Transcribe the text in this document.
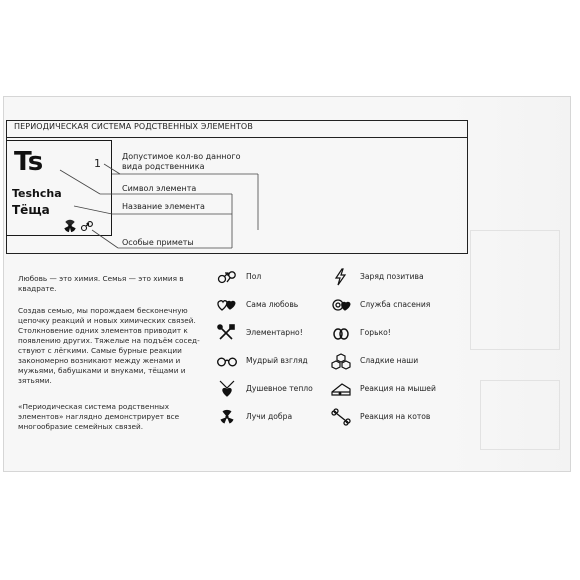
ПЕРИОДИЧЕСКАЯ СИСТЕМА РОДСТВЕННЫХ ЭЛЕМЕНТОВ
Ts	1
Teshcha
Тёща
Допустимое кол-во данного вида родственника
Символ элемента
Название элемента
Особые приметы
Любовь — это химия. Семья — это химия в квадрате.
Создав семью, мы порождаем бесконечную цепочку реакций и новых химических связей. Столкновение одних элементов приводит к появлению других. Тяжелые на подъём соседствуют с лёгкими. Самые бурные реакции закономерно возникают между женами и мужьями, бабушками и внуками, тёщами и зятьями.
«Периодическая система родственных элементов» наглядно демонстрирует все многообразие семейных связей.
Пол
Сама любовь
Элементарно!
Мудрый взгляд
Душевное тепло
Лучи добра
Заряд позитива
Служба спасения
Горько!
Сладкие наши
Реакция на мышей
Реакция на котов
